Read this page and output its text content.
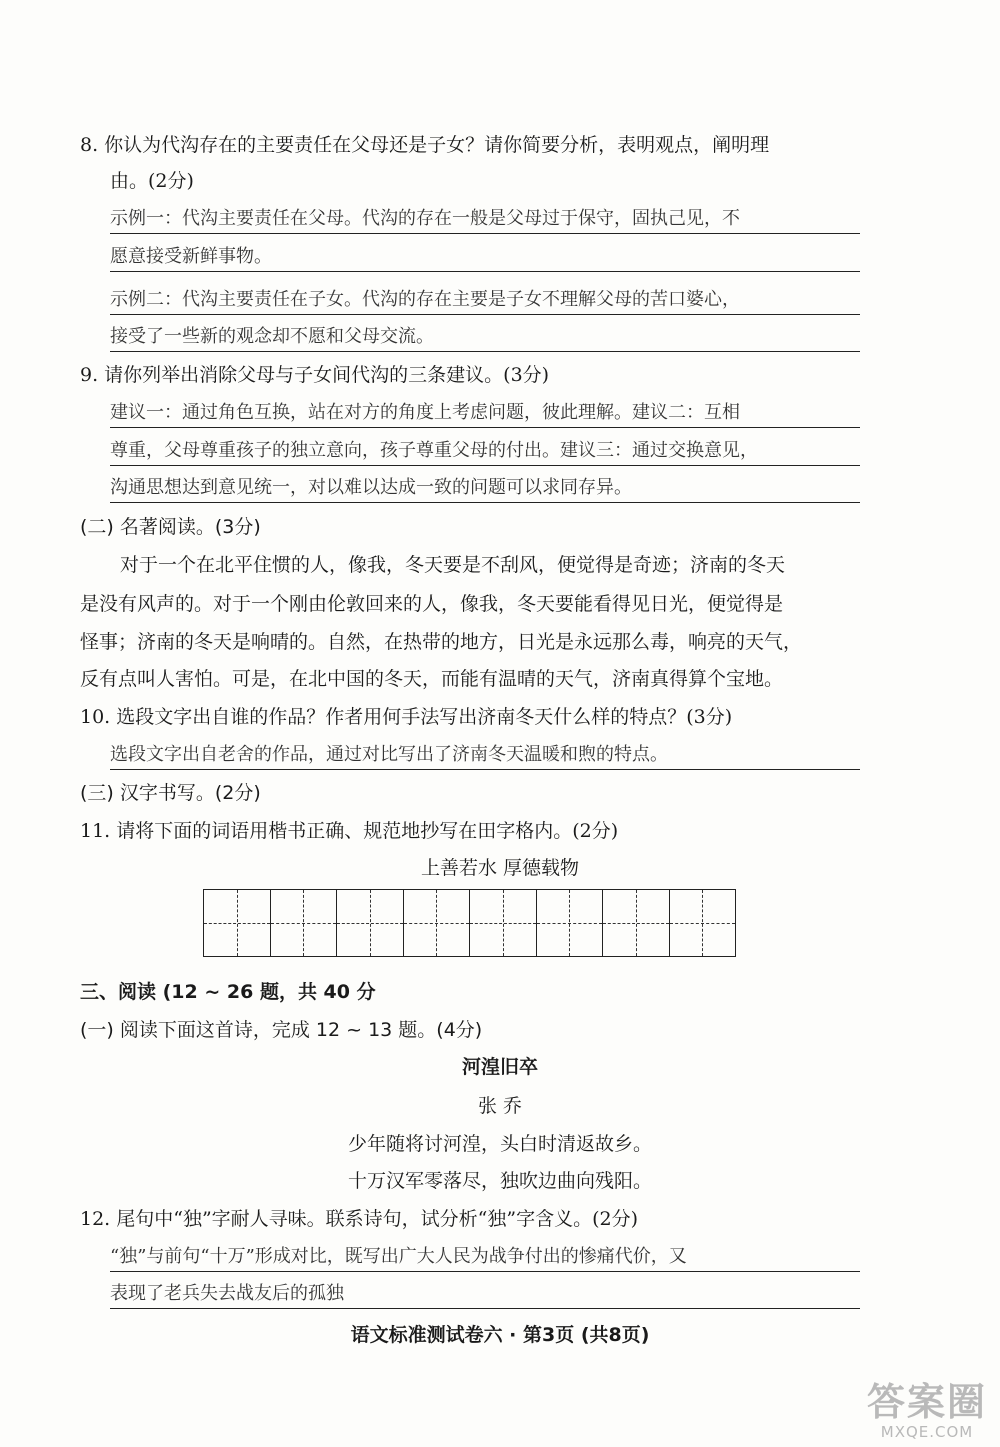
8. 你认为代沟存在的主要责任在父母还是子女？请你简要分析，表明观点，阐明理
由。(2分)
示例一：代沟主要责任在父母。代沟的存在一般是父母过于保守，固执己见，不
愿意接受新鲜事物。
示例二：代沟主要责任在子女。代沟的存在主要是子女不理解父母的苦口婆心，
接受了一些新的观念却不愿和父母交流。
9. 请你列举出消除父母与子女间代沟的三条建议。(3分)
建议一：通过角色互换，站在对方的角度上考虑问题，彼此理解。建议二：互相
尊重，父母尊重孩子的独立意向，孩子尊重父母的付出。建议三：通过交换意见，
沟通思想达到意见统一，对以难以达成一致的问题可以求同存异。
(二) 名著阅读。(3分)
对于一个在北平住惯的人，像我，冬天要是不刮风，便觉得是奇迹；济南的冬天
是没有风声的。对于一个刚由伦敦回来的人，像我，冬天要能看得见日光，便觉得是
怪事；济南的冬天是响晴的。自然，在热带的地方，日光是永远那么毒，响亮的天气，
反有点叫人害怕。可是，在北中国的冬天，而能有温晴的天气，济南真得算个宝地。
10. 选段文字出自谁的作品？作者用何手法写出济南冬天什么样的特点？(3分)
选段文字出自老舍的作品，通过对比写出了济南冬天温暖和煦的特点。
(三) 汉字书写。(2分)
11. 请将下面的词语用楷书正确、规范地抄写在田字格内。(2分)
上善若水 厚德载物
三、阅读 (12 ~ 26 题，共 40 分
(一) 阅读下面这首诗，完成 12 ~ 13 题。(4分)
河湟旧卒
张 乔
少年随将讨河湟，头白时清返故乡。
十万汉军零落尽，独吹边曲向残阳。
12. 尾句中“独”字耐人寻味。联系诗句，试分析“独”字含义。(2分)
“独”与前句“十万”形成对比，既写出广大人民为战争付出的惨痛代价，又
表现了老兵失去战友后的孤独
语文标准测试卷六 · 第3页 (共8页)
答案圈
MXQE.COM
